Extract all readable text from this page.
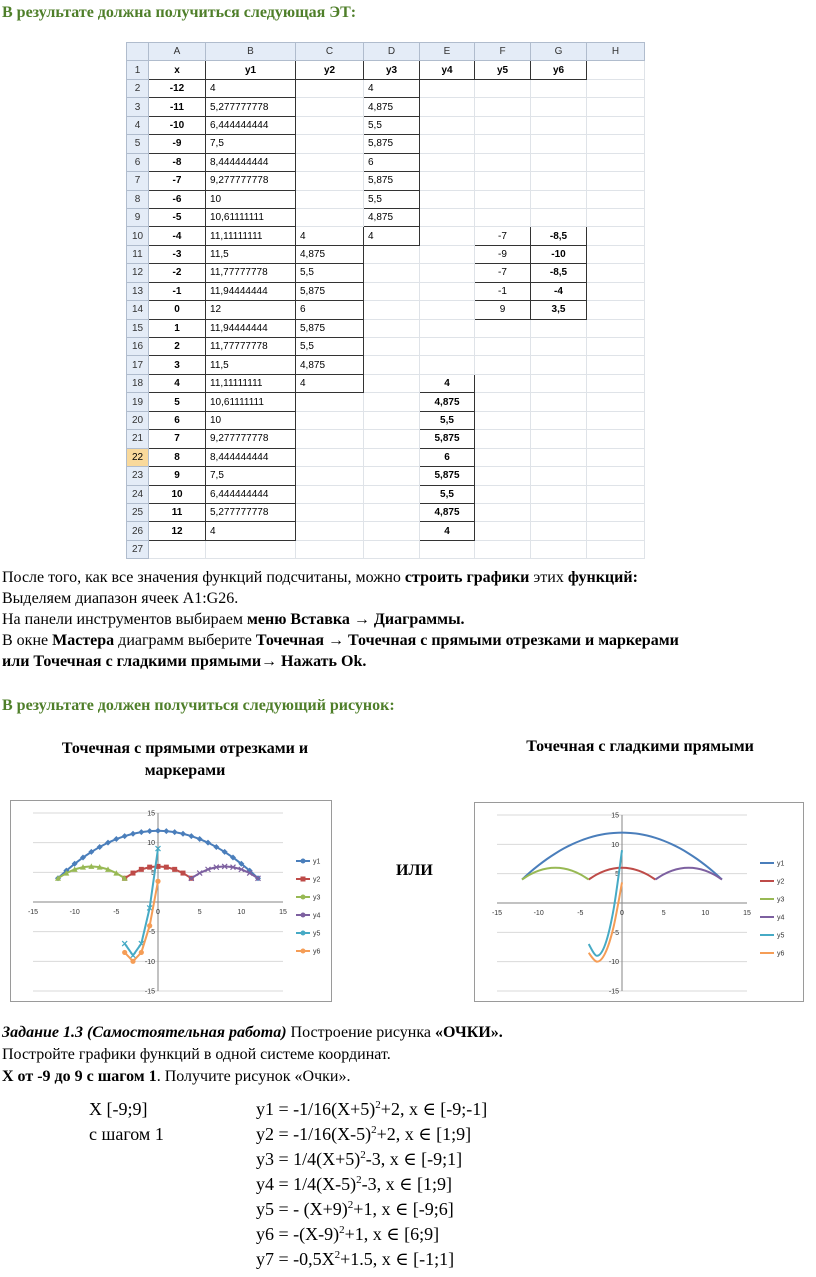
В результате должна получиться следующая ЭТ:
	A	B	C	D	E	F	G	H
1	x	y1	y2	y3	y4	y5	y6	
2	-12	4		4				
3	-11	5,277777778		4,875				
4	-10	6,444444444		5,5				
5	-9	7,5		5,875				
6	-8	8,444444444		6				
7	-7	9,277777778		5,875				
8	-6	10		5,5				
9	-5	10,61111111		4,875				
10	-4	11,11111111	4	4		-7	-8,5	
11	-3	11,5	4,875			-9	-10	
12	-2	11,77777778	5,5			-7	-8,5	
13	-1	11,94444444	5,875			-1	-4	
14	0	12	6			9	3,5	
15	1	11,94444444	5,875					
16	2	11,77777778	5,5					
17	3	11,5	4,875					
18	4	11,11111111	4		4			
19	5	10,61111111			4,875			
20	6	10			5,5			
21	7	9,277777778			5,875			
22	8	8,444444444			6			
23	9	7,5			5,875			
24	10	6,444444444			5,5			
25	11	5,277777778			4,875			
26	12	4			4			
27								

После того, как все значения функций подсчитаны, можно строить графики этих функций:

Выделяем диапазон ячеек A1:G26.

На панели инструментов выбираем меню Вставка → Диаграммы.

В окне Мастера диаграмм выберите Точечная → Точечная с прямыми отрезками и маркерами

или Точечная с гладкими прямыми→ Нажать Ok.

В результате должен получиться следующий рисунок:
Точечная с прямыми отрезками и маркерами
Точечная с гладкими прямыми
-15	-10	-5	0	5	10	15
15
10
5
-5
-10
-15
y1
y2
y3
y4
y5
y6
ИЛИ
-15	-10	-5	0	5	10	15
15
10
5
-5
-10
-15
y1
y2
y3
y4
y5
y6

Задание 1.3 (Самостоятельная работа) Построение рисунка «ОЧКИ».

Постройте графики функций в одной системе координат.

Х от -9 до 9 с шагом 1. Получите рисунок «Очки».

X [-9;9]
с шагом 1
$y1 = -1/16(X+5)^2+2$, x ∈ [-9;-1]
$y2 = -1/16(X-5)^2+2$, x ∈ [1;9]
$y3 = 1/4(X+5)^2-3$, x ∈ [-9;1]
$y4 = 1/4(X-5)^2-3$, x ∈ [1;9]
y5 = - $(X+9)^2+1$, x ∈ [-9;6]
$y6 = -(X-9)^2+1$, x ∈ [6;9]
$y7 = -0,5X^2+1.5$, x ∈ [-1;1]
